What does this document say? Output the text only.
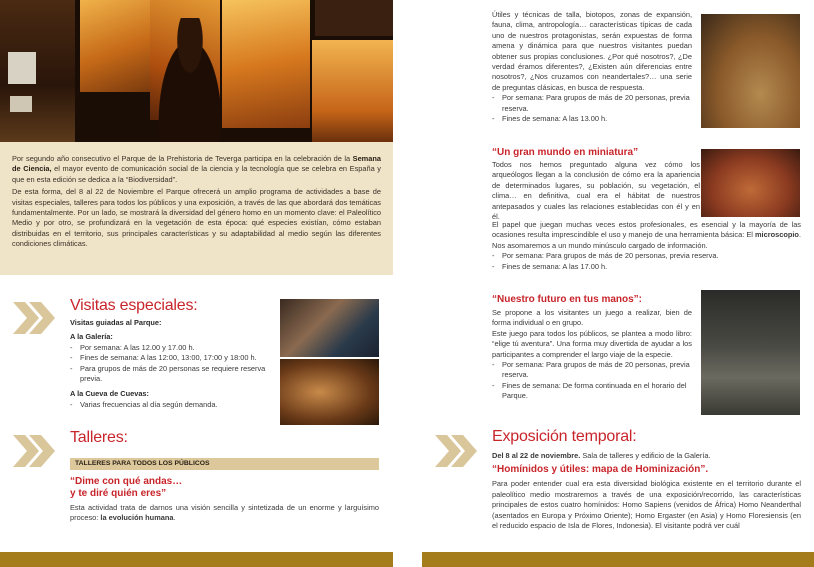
Por segundo año consecutivo el Parque de la Prehistoria de Teverga participa en la celebración de la Semana de Ciencia, el mayor evento de comunicación social de la ciencia y la tecnología que se celebra en España y que en esta edición se dedica a la “Biodiversidad”.

De esta forma, del 8 al 22 de Noviembre el Parque ofrecerá un amplio programa de actividades a base de visitas especiales, talleres para todos los públicos y una exposición, a través de las que abordará dos temáticas fundamentalmente. Por un lado, se mostrará la diversidad del género homo en un momento clave: el Paleolítico Medio y por otro, se profundizará en la vegetación de esta época: qué especies existían, cómo estaban distribuidas en el territorio, sus principales características y su adaptabilidad al medio según las diferentes condiciones climáticas.

Visitas especiales:

Visitas guiadas al Parque:

A la Galería:

- Por semana: A las 12.00 y 17.00 h.
- Fines de semana: A las 12:00, 13:00, 17:00 y 18:00 h.
- Para grupos de más de 20 personas se requiere reserva previa.

A la Cueva de Cuevas:

- Varias frecuencias al día según demanda.
Talleres:
TALLERES PARA TODOS LOS PÚBLICOS

“Dime con qué andas…

y te diré quién eres”

Esta actividad trata de darnos una visión sencilla y sintetizada de un enorme y larguísimo proceso: la evolución humana.

Útiles y técnicas de talla, biotopos, zonas de expansión, fauna, clima, antropología… características típicas de cada uno de nuestros protagonistas, serán expuestas de forma amena y dinámica para que nuestros visitantes puedan obtener sus propias conclusiones. ¿Por qué nosotros?, ¿De verdad éramos diferentes?, ¿Existen aún diferencias entre nosotros?, ¿Nos cruzamos con neandertales?… una serie de preguntas clásicas, en busca de respuesta.

- Por semana: Para grupos de más de 20 personas, previa reserva.
- Fines de semana: A las 13.00 h.

“Un gran mundo en miniatura”

Todos nos hemos preguntado alguna vez cómo los arqueólogos llegan a la conclusión de cómo era la apariencia de determinados lugares, su población, su vegetación, el clima… en definitiva, cual era el hábitat de nuestros antepasados y cuales las relaciones establecidas con él y en él.

El papel que juegan muchas veces estos profesionales, es esencial y la mayoría de las ocasiones resulta imprescindible el uso y manejo de una herramienta básica: El microscopio. Nos asomaremos a un mundo minúsculo cargado de información.

- Por semana: Para grupos de más de 20 personas, previa reserva.
- Fines de semana: A las 17.00 h.

“Nuestro futuro en tus manos”:

Se propone a los visitantes un juego a realizar, bien de forma individual o en grupo.

Este juego para todos los públicos, se plantea a modo libro: “elige tú aventura”. Una forma muy divertida de ayudar a los participantes a comprender el largo viaje de la especie.

- Por semana: Para grupos de más de 20 personas, previa reserva.
- Fines de semana: De forma continuada en el horario del Parque.
Exposición temporal:

Del 8 al 22 de noviembre. Sala de talleres y edificio de la Galería.

“Homínidos y útiles: mapa de Hominización”.

Para poder entender cual era esta diversidad biológica existente en el territorio durante el paleolítico medio mostraremos a través de una exposición/recorrido, las características principales de estos cuatro homínidos: Homo Sapiens (venidos de África) Homo Neanderthal (asentados en Europa y Próximo Oriente); Homo Ergaster (en Asia) y Homo Floresiensis (en el reducido espacio de Isla de Flores, Indonesia). El visitante podrá ver cuál
